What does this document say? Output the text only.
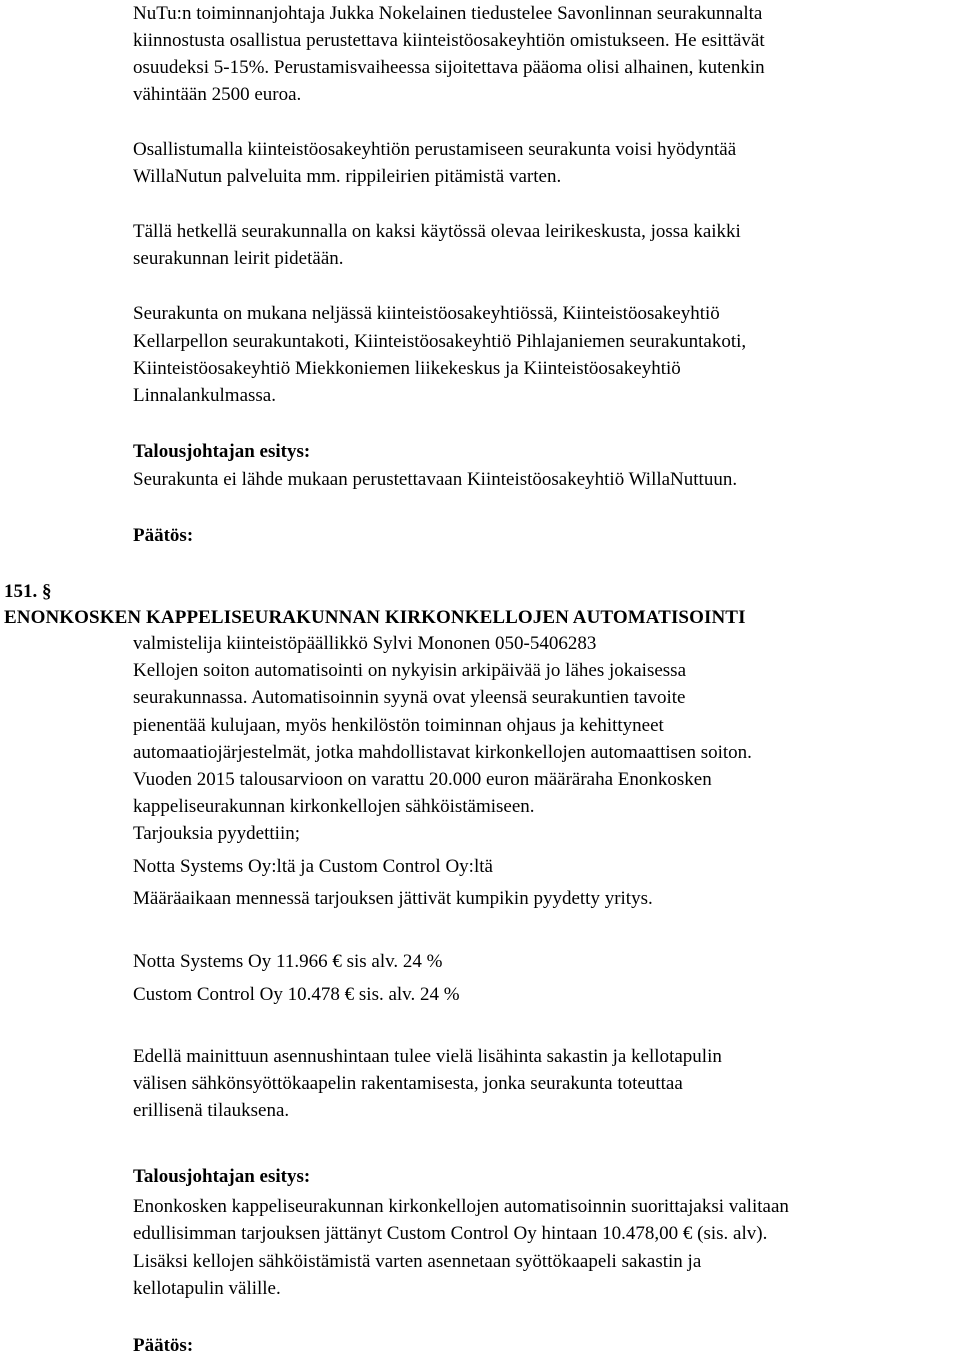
NuTu:n toiminnanjohtaja Jukka Nokelainen tiedustelee Savonlinnan seurakunnalta
kiinnostusta osallistua perustettava kiinteistöosakeyhtiön omistukseen. He esittävät
osuudeksi 5-15%. Perustamisvaiheessa sijoitettava pääoma olisi alhainen, kutenkin
vähintään 2500 euroa.
Osallistumalla kiinteistöosakeyhtiön perustamiseen seurakunta voisi hyödyntää
WillaNutun palveluita mm. rippileirien pitämistä varten.
Tällä hetkellä seurakunnalla on kaksi käytössä olevaa leirikeskusta, jossa kaikki
seurakunnan leirit pidetään.
Seurakunta on mukana neljässä kiinteistöosakeyhtiössä, Kiinteistöosakeyhtiö
Kellarpellon seurakuntakoti, Kiinteistöosakeyhtiö Pihlajaniemen seurakuntakoti,
Kiinteistöosakeyhtiö Miekkoniemen liikekeskus ja Kiinteistöosakeyhtiö
Linnalankulmassa.
Talousjohtajan esitys:
Seurakunta ei lähde mukaan perustettavaan Kiinteistöosakeyhtiö WillaNuttuun.
Päätös:
151. §
ENONKOSKEN KAPPELISEURAKUNNAN KIRKONKELLOJEN AUTOMATISOINTI
valmistelija kiinteistöpäällikkö Sylvi Mononen 050-5406283
Kellojen soiton automatisointi on nykyisin arkipäivää jo lähes jokaisessa
seurakunnassa. Automatisoinnin syynä ovat yleensä seurakuntien tavoite
pienentää kulujaan, myös henkilöstön toiminnan ohjaus ja kehittyneet
automaatiojärjestelmät, jotka mahdollistavat kirkonkellojen automaattisen soiton.
Vuoden 2015 talousarvioon on varattu 20.000 euron määräraha Enonkosken
kappeliseurakunnan kirkonkellojen sähköistämiseen.
Tarjouksia pyydettiin;
Notta Systems Oy:ltä ja Custom Control Oy:ltä
Määräaikaan mennessä tarjouksen jättivät kumpikin pyydetty yritys.
Notta Systems Oy 11.966 € sis alv. 24 %
Custom Control Oy 10.478 € sis. alv. 24 %
Edellä mainittuun asennushintaan tulee vielä lisähinta sakastin ja kellotapulin
välisen sähkönsyöttökaapelin rakentamisesta, jonka seurakunta toteuttaa
erillisenä tilauksena.
Talousjohtajan esitys:
Enonkosken kappeliseurakunnan kirkonkellojen automatisoinnin suorittajaksi valitaan
edullisimman tarjouksen jättänyt Custom Control Oy hintaan 10.478,00 € (sis. alv).
Lisäksi kellojen sähköistämistä varten asennetaan syöttökaapeli sakastin ja
kellotapulin välille.
Päätös:
